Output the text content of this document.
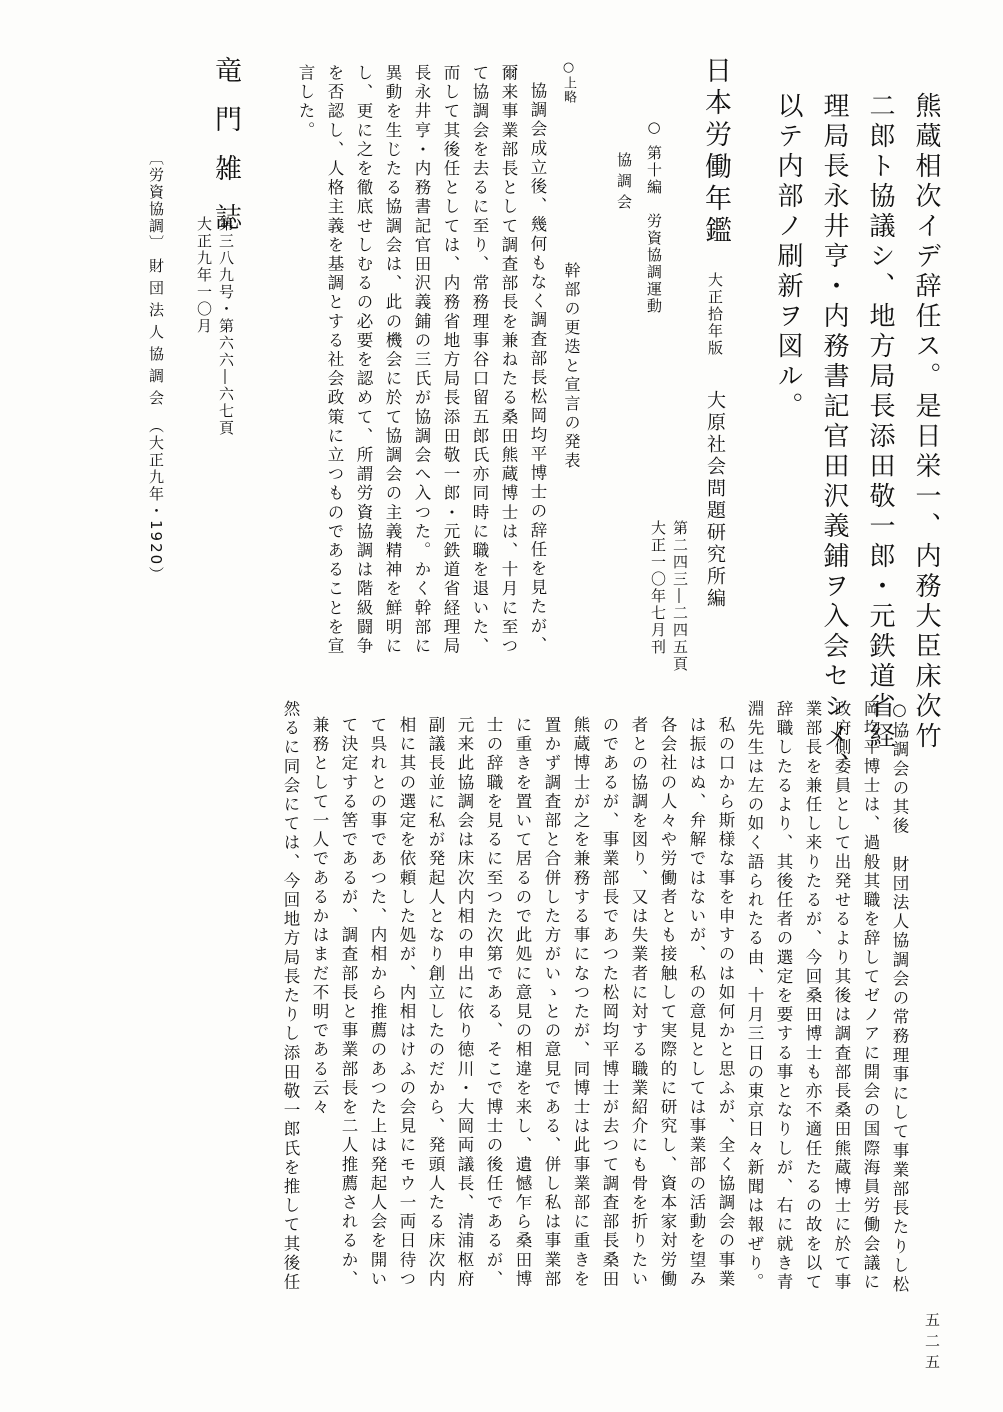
熊蔵相次イデ辞任ス。是日栄一、内務大臣床次竹
二郎ト協議シ、地方局長添田敬一郎・元鉄道省経
理局長永井亨・内務書記官田沢義鋪ヲ入会セシメ、
以テ内部ノ刷新ヲ図ル。
日本労働年鑑 大正拾年版 大原社会問題研究所編
第二四三―二四五頁
大正一〇年七月刊
○ 第十編　労資協調運動
協調会
○上略
幹部の更迭と宣言の発表
協調会成立後、幾何もなく調査部長松岡均平博士の辞任を見たが、
爾来事業部長として調査部長を兼ねたる桑田熊蔵博士は、十月に至つ
て協調会を去るに至り、常務理事谷口留五郎氏亦同時に職を退いた、
而して其後任としては、内務省地方局長添田敬一郎・元鉄道省経理局
長永井亨・内務書記官田沢義鋪の三氏が協調会へ入つた。かく幹部に
異動を生じたる協調会は、此の機会に於て協調会の主義精神を鮮明に
し、更に之を徹底せしむるの必要を認めて、所謂労資協調は階級闘争
を否認し、人格主義を基調とする社会政策に立つものであることを宣
言した。
竜門雑誌
第三八九号・第六六―六七頁
大正九年一〇月
〔労資協調〕
財団法人協調会
（大正九年・1920）
○協調会の其後　財団法人協調会の常務理事にして事業部長たりし松
岡均平博士は、過般其職を辞してゼノアに開会の国際海員労働会議に
政府側委員として出発せるより其後は調査部長桑田熊蔵博士に於て事
業部長を兼任し来りたるが、今回桑田博士も亦不適任たるの故を以て
辞職したるより、其後任者の選定を要する事となりしが、右に就き青
淵先生は左の如く語られたる由、十月三日の東京日々新聞は報ぜり。
私の口から斯様な事を申すのは如何かと思ふが、全く協調会の事業
は振はぬ、弁解ではないが、私の意見としては事業部の活動を望み
各会社の人々や労働者とも接触して実際的に研究し、資本家対労働
者との協調を図り、又は失業者に対する職業紹介にも骨を折りたい
のであるが、事業部長であつた松岡均平博士が去つて調査部長桑田
熊蔵博士が之を兼務する事になつたが、同博士は此事業部に重きを
置かず調査部と合併した方がいゝとの意見である、併し私は事業部
に重きを置いて居るので此処に意見の相違を来し、遺憾乍ら桑田博
士の辞職を見るに至つた次第である、そこで博士の後任であるが、
元来此協調会は床次内相の申出に依り徳川・大岡両議長、清浦枢府
副議長並に私が発起人となり創立したのだから、発頭人たる床次内
相に其の選定を依頼した処が、内相はけふの会見にモウ一両日待つ
て呉れとの事であつた、内相から推薦のあつた上は発起人会を開い
て決定する筈であるが、調査部長と事業部長を二人推薦されるか、
兼務として一人であるかはまだ不明である云々
然るに同会にては、今回地方局長たりし添田敬一郎氏を推して其後任
五二五
